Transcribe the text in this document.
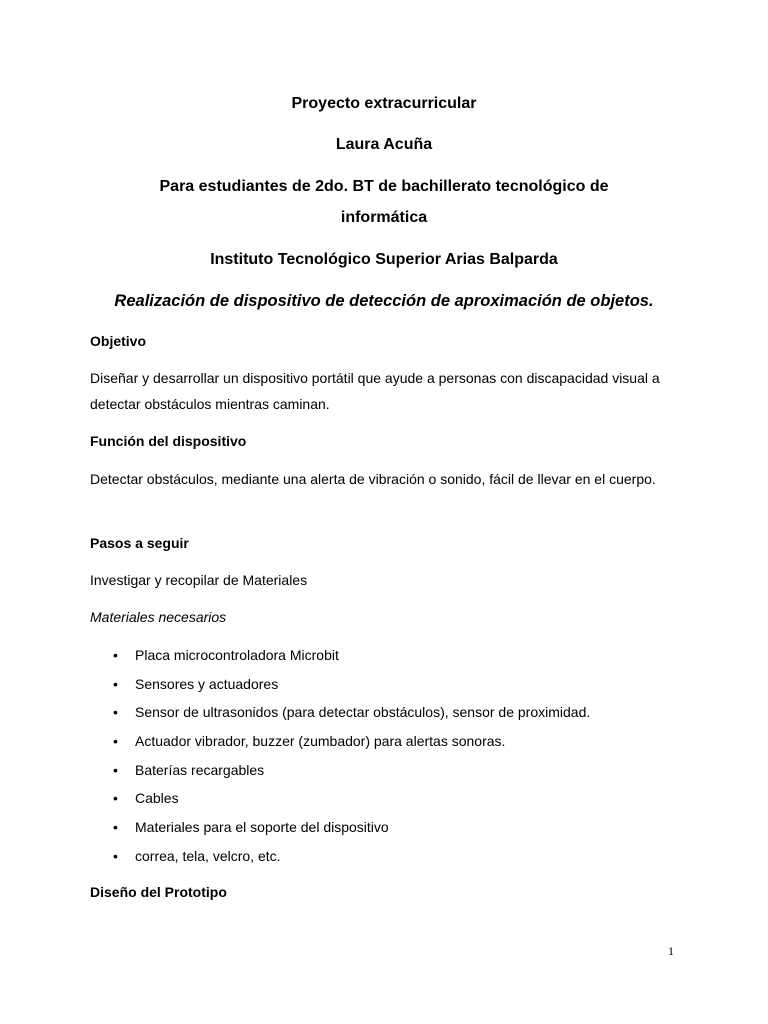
Proyecto extracurricular

Laura Acuña

Para estudiantes de 2do. BT de bachillerato tecnológico de

informática

Instituto Tecnológico Superior Arias Balparda

Realización de dispositivo de detección de aproximación de objetos.

Objetivo

Diseñar y desarrollar un dispositivo portátil que ayude a personas con discapacidad visual a detectar obstáculos mientras caminan.

Función del dispositivo

Detectar obstáculos, mediante una alerta de vibración o sonido, fácil de llevar en el cuerpo.

Pasos a seguir

Investigar y recopilar de Materiales

Materiales necesarios

• Placa microcontroladora Microbit
• Sensores y actuadores
• Sensor de ultrasonidos (para detectar obstáculos), sensor de proximidad.
• Actuador vibrador, buzzer (zumbador) para alertas sonoras.
• Baterías recargables
• Cables
• Materiales para el soporte del dispositivo
• correa, tela, velcro, etc.

Diseño del Prototipo

1
